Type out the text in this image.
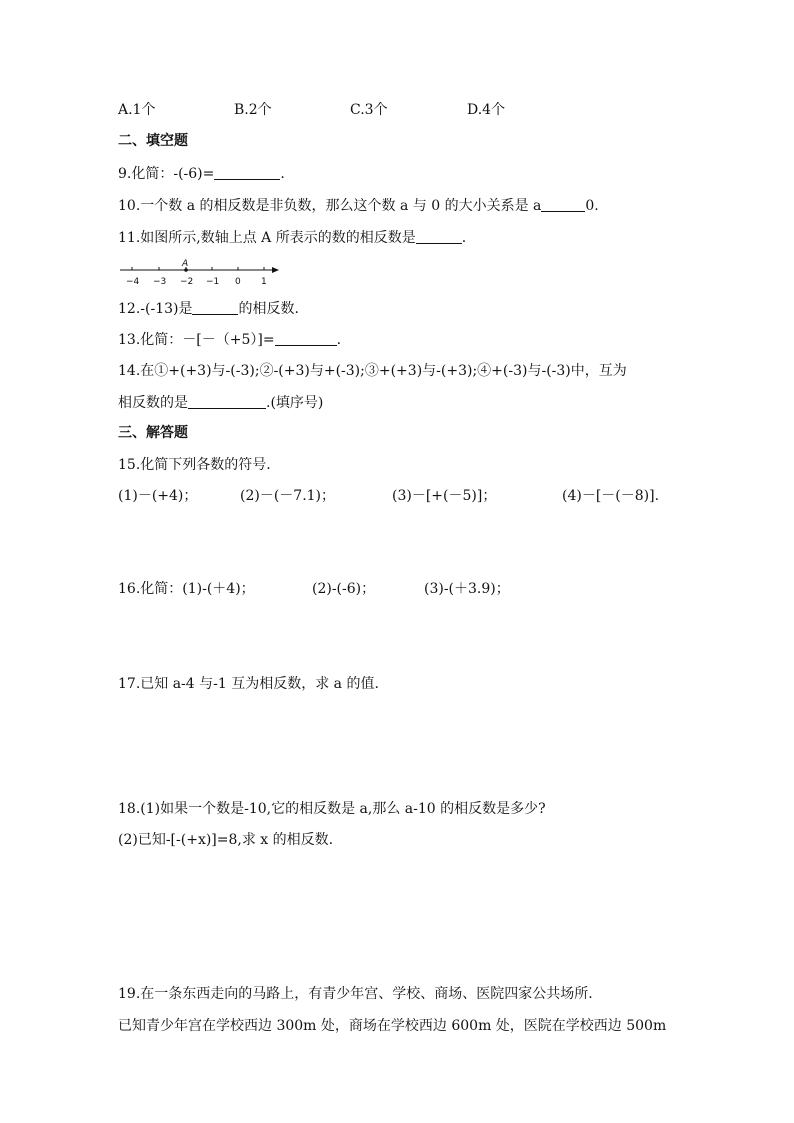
A.1个	B.2个	C.3个	D.4个
二、填空题
9.化简：-(-6)=	.
10.一个数 a 的相反数是非负数，那么这个数 a 与 0 的大小关系是 a	0.
11.如图所示,数轴上点 A 所表示的数的相反数是	.
A
−4 −3 −2 −1 0 1
12.-(-13)是	的相反数.
13.化简：－[－（+5）]=	.
14.在①+(+3)与-(-3);②-(+3)与+(-3);③+(+3)与-(+3);④+(-3)与-(-3)中，互为
相反数的是	.(填序号)
三、解答题
15.化简下列各数的符号.
(1)－(+4)；	(2)－(－7.1)；	(3)－[+(－5)]；	(4)－[－(－8)].
16.化简：(1)-(＋4)；	(2)-(-6)；	(3)-(＋3.9)；
17.已知 a-4 与-1 互为相反数，求 a 的值.
18.(1)如果一个数是-10,它的相反数是 a,那么 a-10 的相反数是多少?
(2)已知-[-(+x)]=8,求 x 的相反数.
19.在一条东西走向的马路上，有青少年宫、学校、商场、医院四家公共场所.
已知青少年宫在学校西边 300m 处，商场在学校西边 600m 处，医院在学校西边 500m
